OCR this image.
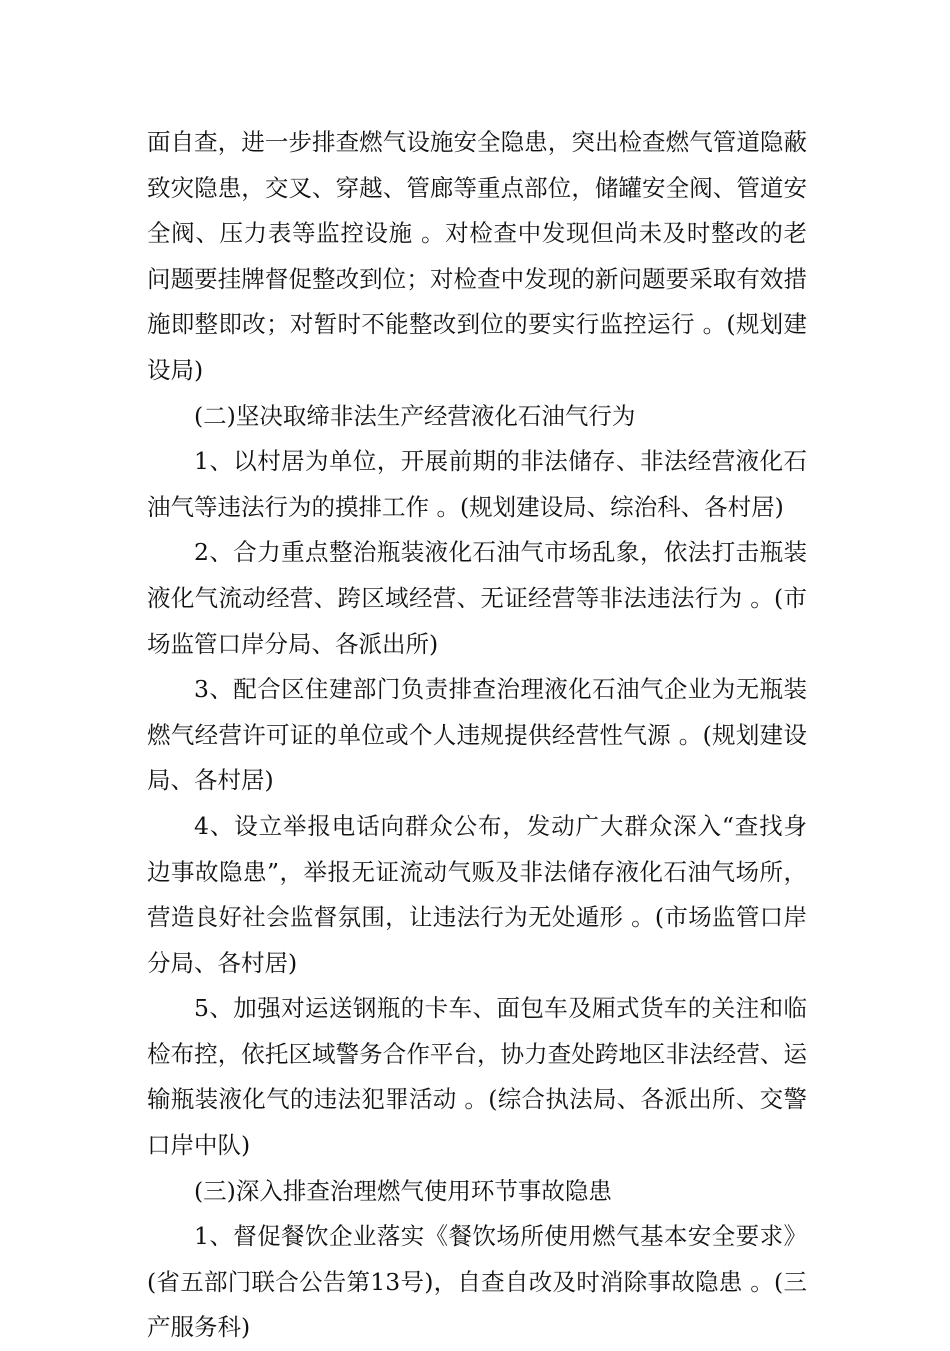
面自查，进一步排查燃气设施安全隐患，突出检查燃气管道隐蔽致灾隐患，交叉、穿越、管廊等重点部位，储罐安全阀、管道安全阀、压力表等监控设施 。对检查中发现但尚未及时整改的老问题要挂牌督促整改到位；对检查中发现的新问题要采取有效措施即整即改；对暂时不能整改到位的要实行监控运行 。(规划建设局)

(二)坚决取缔非法生产经营液化石油气行为

1、以村居为单位，开展前期的非法储存、非法经营液化石油气等违法行为的摸排工作 。(规划建设局、综治科、各村居)

2、合力重点整治瓶装液化石油气市场乱象，依法打击瓶装液化气流动经营、跨区域经营、无证经营等非法违法行为 。(市场监管口岸分局、各派出所)

3、配合区住建部门负责排查治理液化石油气企业为无瓶装燃气经营许可证的单位或个人违规提供经营性气源 。(规划建设局、各村居)

4、设立举报电话向群众公布，发动广大群众深入“查找身边事故隐患”，举报无证流动气贩及非法储存液化石油气场所，营造良好社会监督氛围，让违法行为无处遁形 。(市场监管口岸分局、各村居)

5、加强对运送钢瓶的卡车、面包车及厢式货车的关注和临检布控，依托区域警务合作平台，协力查处跨地区非法经营、运输瓶装液化气的违法犯罪活动 。(综合执法局、各派出所、交警口岸中队)

(三)深入排查治理燃气使用环节事故隐患

1、督促餐饮企业落实《餐饮场所使用燃气基本安全要求》(省五部门联合公告第13号)，自查自改及时消除事故隐患 。(三产服务科)
